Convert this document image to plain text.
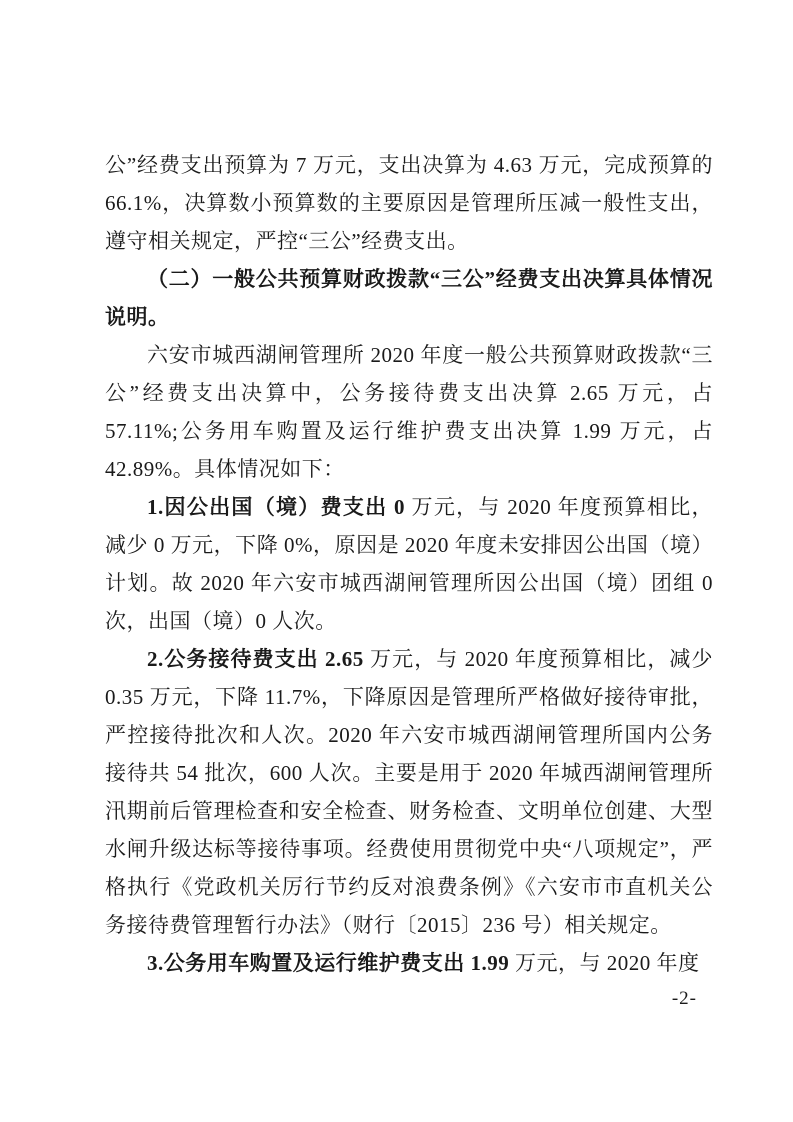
公”经费支出预算为 7 万元，支出决算为 4.63 万元，完成预算的 66.1%，决算数小预算数的主要原因是管理所压减一般性支出，遵守相关规定，严控“三公”经费支出。

（二）一般公共预算财政拨款“三公”经费支出决算具体情况说明。

六安市城西湖闸管理所 2020 年度一般公共预算财政拨款“三公”经费支出决算中，公务接待费支出决算 2.65 万元，占 57.11%;公务用车购置及运行维护费支出决算 1.99 万元，占 42.89%。具体情况如下：

1.因公出国（境）费支出 0 万元，与 2020 年度预算相比，减少 0 万元，下降 0%，原因是 2020 年度未安排因公出国（境）计划。故 2020 年六安市城西湖闸管理所因公出国（境）团组 0 次，出国（境）0 人次。

2.公务接待费支出 2.65 万元，与 2020 年度预算相比，减少 0.35 万元，下降 11.7%，下降原因是管理所严格做好接待审批，严控接待批次和人次。2020 年六安市城西湖闸管理所国内公务接待共 54 批次，600 人次。主要是用于 2020 年城西湖闸管理所汛期前后管理检查和安全检查、财务检查、文明单位创建、大型水闸升级达标等接待事项。经费使用贯彻党中央“八项规定”，严格执行《党政机关厉行节约反对浪费条例》《六安市市直机关公务接待费管理暂行办法》（财行〔2015〕236 号）相关规定。

3.公务用车购置及运行维护费支出 1.99 万元，与 2020 年度

-2-
